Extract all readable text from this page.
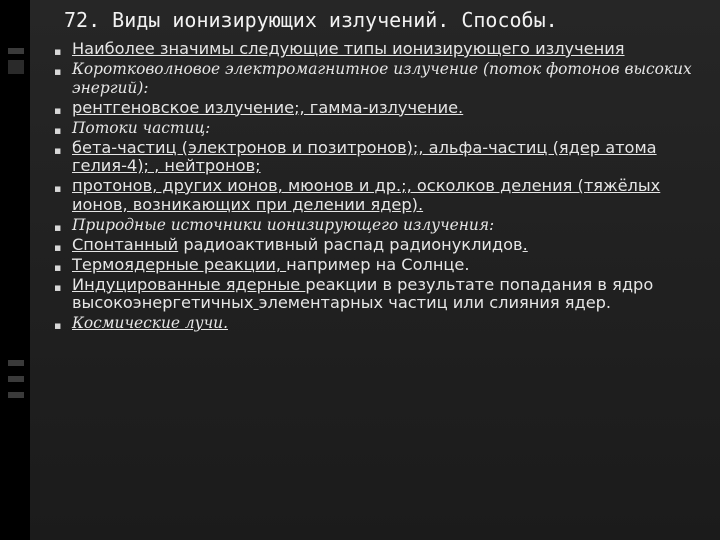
72. Виды ионизирующих излучений. Способы.
▪ Наиболее значимы следующие типы ионизирующего излучения
▪ Коротковолновое электромагнитное излучение (поток фотонов высоких энергий):
▪ рентгеновское излучение;, гамма-излучение.
▪ Потоки частиц:
▪ бета-частиц (электронов и позитронов);, альфа-частиц (ядер атома гелия-4); , нейтронов;
▪ протонов, других ионов, мюонов и др.;, осколков деления (тяжёлых ионов, возникающих при делении ядер).
▪ Природные источники ионизирующего излучения:
▪ Спонтанный радиоактивный распад радионуклидов.
▪ Термоядерные реакции, например на Солнце.
▪ Индуцированные ядерные реакции в результате попадания в ядро высокоэнергетичных элементарных частиц или слияния ядер.
▪ Космические лучи.
